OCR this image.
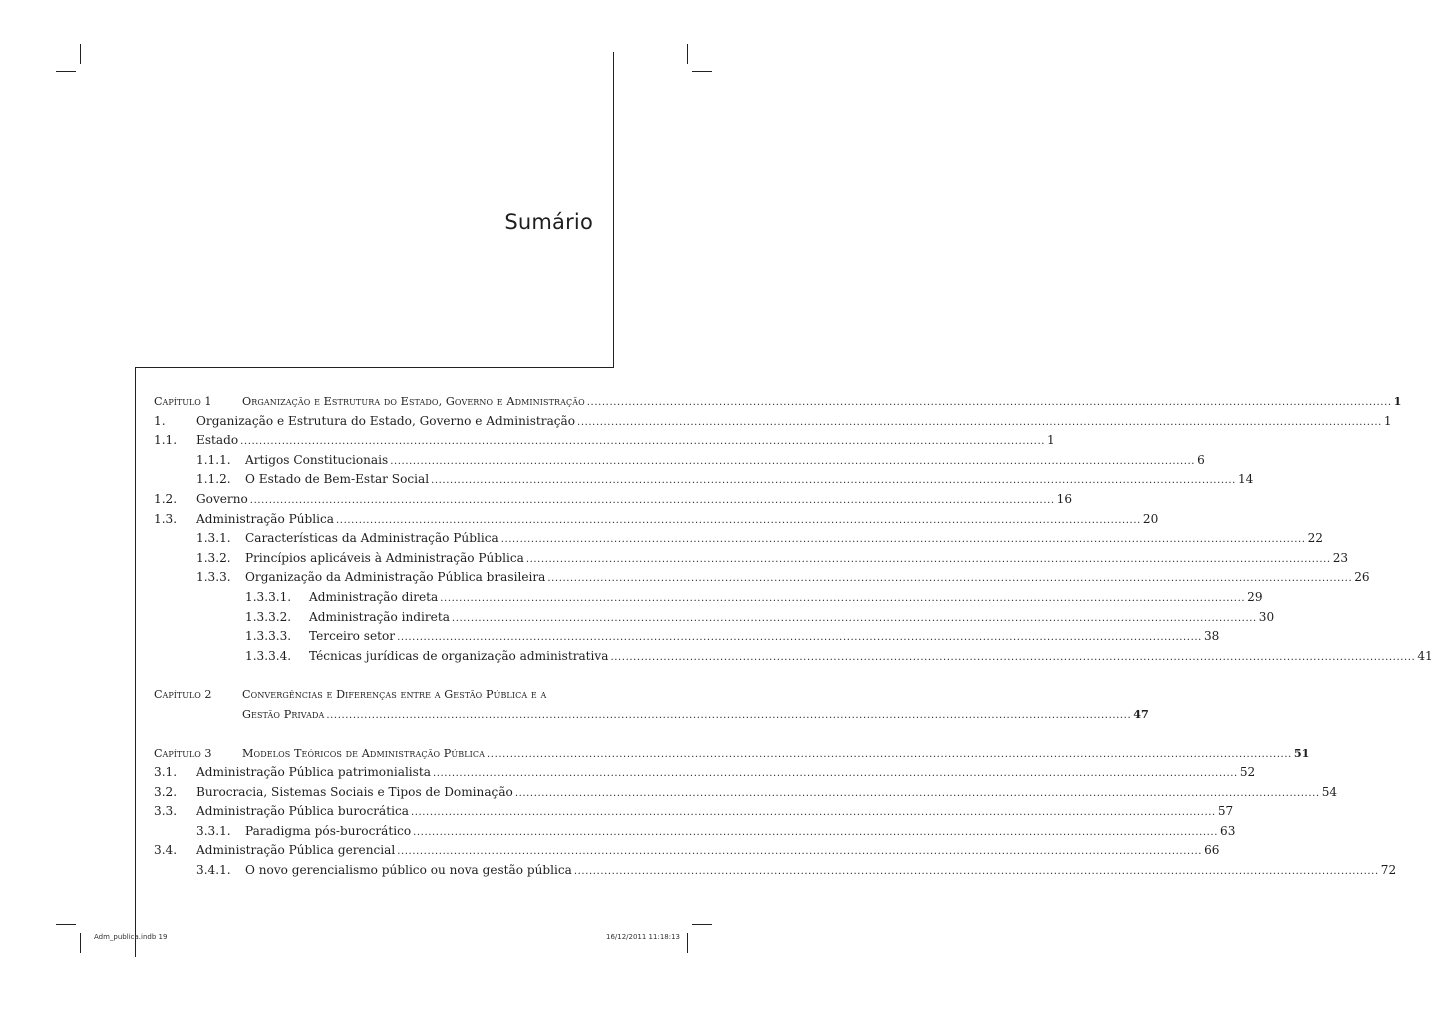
Sumário
Capítulo 1	Organização e Estrutura do Estado, Governo e Administração .....	1
1.	Organização e Estrutura do Estado, Governo e Administração .....	1
1.1. Estado .....	1
1.1.1. Artigos Constitucionais .....	6
1.1.2. O Estado de Bem-Estar Social .....	14
1.2. Governo .....	16
1.3. Administração Pública .....	20
1.3.1. Características da Administração Pública .....	22
1.3.2. Princípios aplicáveis à Administração Pública .....	23
1.3.3. Organização da Administração Pública brasileira .....	26
1.3.3.1. Administração direta .....	29
1.3.3.2. Administração indireta .....	30
1.3.3.3. Terceiro setor .....	38
1.3.3.4. Técnicas jurídicas de organização administrativa .....	41
Capítulo 2	Convergências e Diferenças entre a Gestão Pública e a
Gestão Privada .....	47
Capítulo 3	Modelos Teóricos de Administração Pública .....	51
3.1. Administração Pública patrimonialista .....	52
3.2. Burocracia, Sistemas Sociais e Tipos de Dominação .....	54
3.3. Administração Pública burocrática .....	57
3.3.1. Paradigma pós-burocrático .....	63
3.4. Administração Pública gerencial .....	66
3.4.1. O novo gerencialismo público ou nova gestão pública .....	72
Adm_publica.indb 19	16/12/2011 11:18:13
